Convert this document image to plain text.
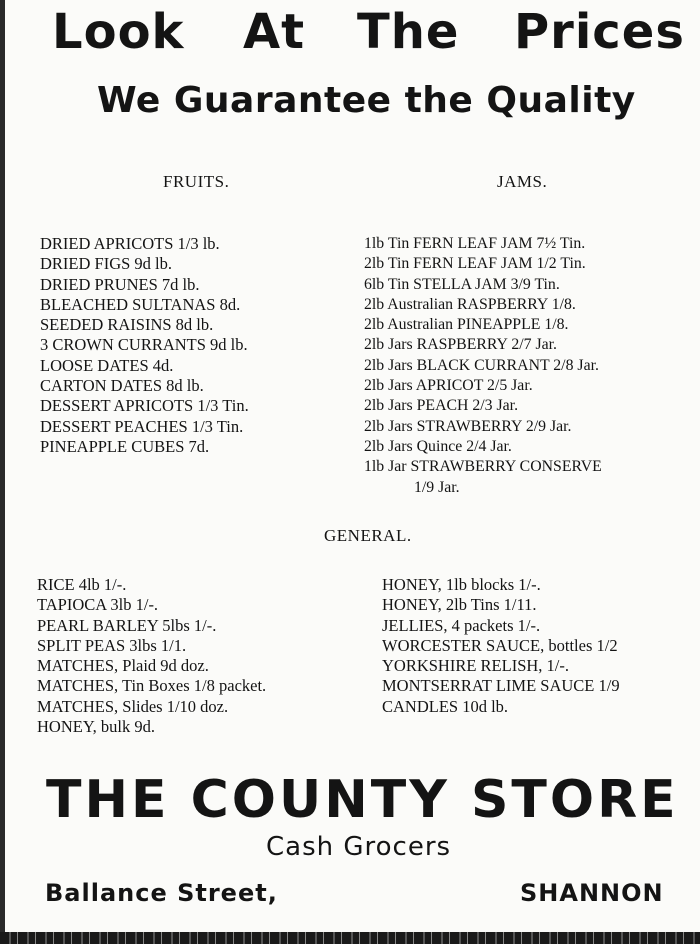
Look At The Prices
We Guarantee the Quality
FRUITS.	JAMS.
DRIED APRICOTS 1/3 lb.
DRIED FIGS 9d lb.
DRIED PRUNES 7d lb.
BLEACHED SULTANAS 8d.
SEEDED RAISINS 8d lb.
3 CROWN CURRANTS 9d lb.
LOOSE DATES 4d.
CARTON DATES 8d lb.
DESSERT APRICOTS 1/3 Tin.
DESSERT PEACHES 1/3 Tin.
PINEAPPLE CUBES 7d.
1lb Tin FERN LEAF JAM 7½ Tin.
2lb Tin FERN LEAF JAM 1/2 Tin.
6lb Tin STELLA JAM 3/9 Tin.
2lb Australian RASPBERRY 1/8.
2lb Australian PINEAPPLE 1/8.
2lb Jars RASPBERRY 2/7 Jar.
2lb Jars BLACK CURRANT 2/8 Jar.
2lb Jars APRICOT 2/5 Jar.
2lb Jars PEACH 2/3 Jar.
2lb Jars STRAWBERRY 2/9 Jar.
2lb Jars Quince 2/4 Jar.
1lb Jar STRAWBERRY CONSERVE
1/9 Jar.
GENERAL.
RICE 4lb 1/-.
TAPIOCA 3lb 1/-.
PEARL BARLEY 5lbs 1/-.
SPLIT PEAS 3lbs 1/1.
MATCHES, Plaid 9d doz.
MATCHES, Tin Boxes 1/8 packet.
MATCHES, Slides 1/10 doz.
HONEY, bulk 9d.
HONEY, 1lb blocks 1/-.
HONEY, 2lb Tins 1/11.
JELLIES, 4 packets 1/-.
WORCESTER SAUCE, bottles 1/2
YORKSHIRE RELISH, 1/-.
MONTSERRAT LIME SAUCE 1/9
CANDLES 10d lb.
THE COUNTY STORE
Cash Grocers
Ballance Street,	SHANNON
